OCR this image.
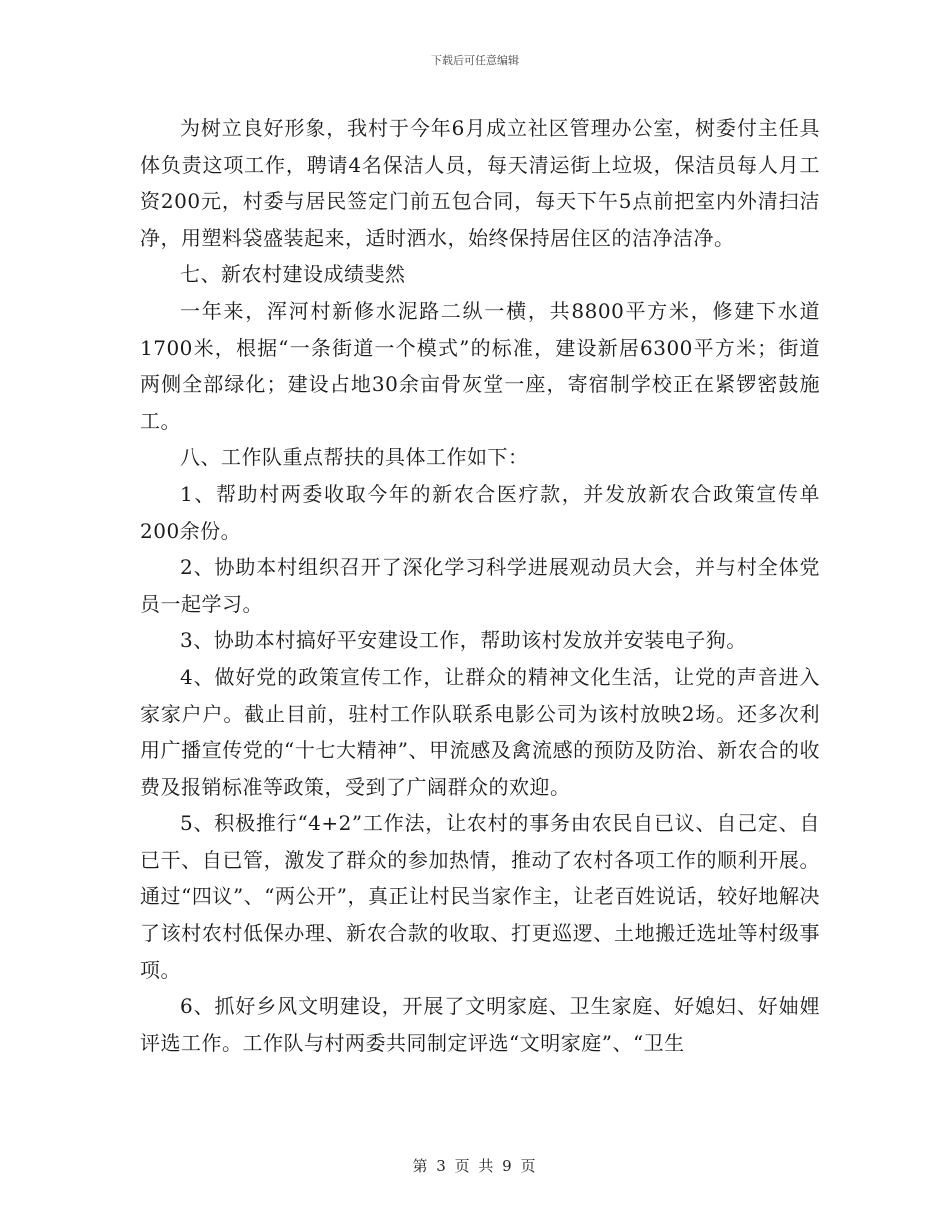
下载后可任意编辑

为树立良好形象，我村于今年6月成立社区管理办公室，树委付主任具体负责这项工作，聘请4名保洁人员，每天清运街上垃圾，保洁员每人月工资200元，村委与居民签定门前五包合同，每天下午5点前把室内外清扫洁净，用塑料袋盛装起来，适时洒水，始终保持居住区的洁净洁净。

七、新农村建设成绩斐然

一年来，浑河村新修水泥路二纵一横，共8800平方米，修建下水道1700米，根据“一条街道一个模式”的标准，建设新居6300平方米；街道两侧全部绿化；建设占地30余亩骨灰堂一座，寄宿制学校正在紧锣密鼓施工。

八、工作队重点帮扶的具体工作如下：

1、帮助村两委收取今年的新农合医疗款，并发放新农合政策宣传单200余份。

2、协助本村组织召开了深化学习科学进展观动员大会，并与村全体党员一起学习。

3、协助本村搞好平安建设工作，帮助该村发放并安装电子狗。

4、做好党的政策宣传工作，让群众的精神文化生活，让党的声音进入家家户户。截止目前，驻村工作队联系电影公司为该村放映2场。还多次利用广播宣传党的“十七大精神”、甲流感及禽流感的预防及防治、新农合的收费及报销标准等政策，受到了广阔群众的欢迎。

5、积极推行“4+2”工作法，让农村的事务由农民自已议、自己定、自已干、自已管，激发了群众的参加热情，推动了农村各项工作的顺利开展。通过“四议”、“两公开”，真正让村民当家作主，让老百姓说话，较好地解决了该村农村低保办理、新农合款的收取、打更巡逻、土地搬迁选址等村级事项。

6、抓好乡风文明建设，开展了文明家庭、卫生家庭、好媳妇、好妯娌评选工作。工作队与村两委共同制定评选“文明家庭”、“卫生

第 3 页 共 9 页
